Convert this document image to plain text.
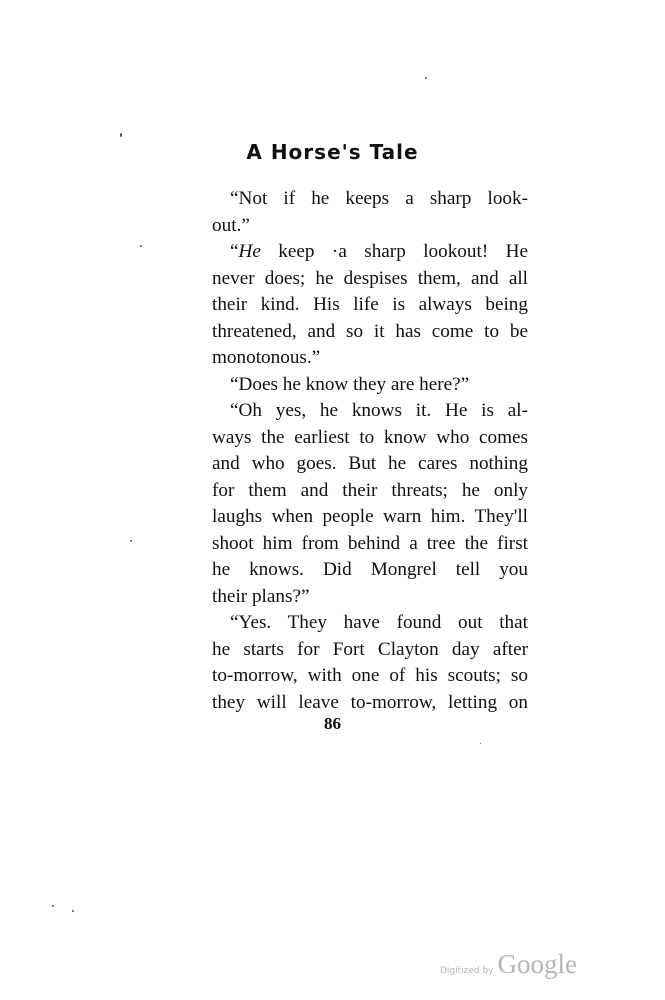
A Horse's Tale
“Not if he keeps a sharp look-
out.”
“He keep ·a sharp lookout! He
never does; he despises them, and all
their kind. His life is always being
threatened, and so it has come to be
monotonous.”
“Does he know they are here?”
“Oh yes, he knows it. He is al-
ways the earliest to know who comes
and who goes. But he cares nothing
for them and their threats; he only
laughs when people warn him. They'll
shoot him from behind a tree the first
he knows. Did Mongrel tell you
their plans?”
“Yes. They have found out that
he starts for Fort Clayton day after
to-morrow, with one of his scouts; so
they will leave to-morrow, letting on
86
Digitized by Google
